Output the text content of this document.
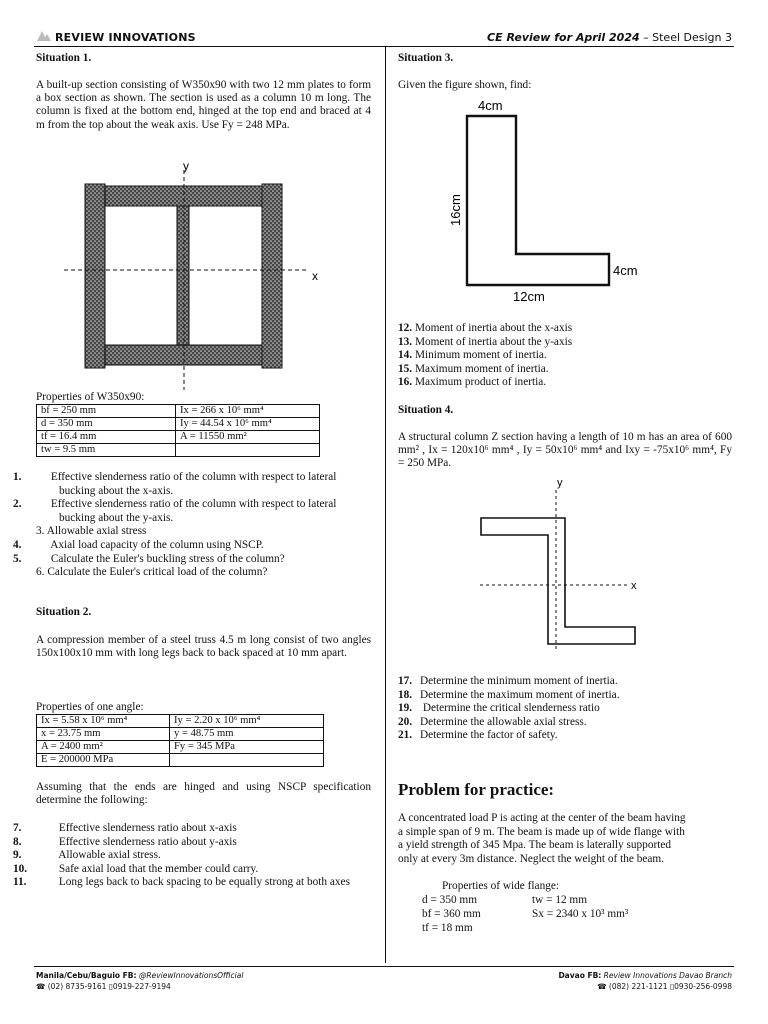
REVIEW INNOVATIONS	CE Review for April 2024 – Steel Design 3
Situation 1.
A built-up section consisting of W350x90 with two 12 mm plates to form a box section as shown. The section is used as a column 10 m long. The column is fixed at the bottom end, hinged at the top end and braced at 4 m from the top about the weak axis. Use Fy = 248 MPa.
y
x
Properties of W350x90:
bf = 250 mm	Ix = 266 x 10⁶ mm⁴
d = 350 mm	Iy = 44.54 x 10⁶ mm⁴
tf = 16.4 mm	A = 11550 mm²
tw = 9.5 mm	
1.	Effective slenderness ratio of the column with respect to lateral bucking about the x-axis.
2.	Effective slenderness ratio of the column with respect to lateral bucking about the y-axis.
3. Allowable axial stress
4.	Axial load capacity of the column using NSCP.
5.	Calculate the Euler's buckling stress of the column?
6. Calculate the Euler's critical load of the column?
Situation 2.
A compression member of a steel truss 4.5 m long consist of two angles 150x100x10 mm with long legs back to back spaced at 10 mm apart.
Properties of one angle:
Ix = 5.58 x 10⁶ mm⁴	Iy = 2.20 x 10⁶ mm⁴
x = 23.75 mm	y = 48.75 mm
A = 2400 mm²	Fy = 345 MPa
E = 200000 MPa	
Assuming that the ends are hinged and using NSCP specification determine the following:
7.	Effective slenderness ratio about x-axis
8.	Effective slenderness ratio about y-axis
9.	Allowable axial stress.
10.	Safe axial load that the member could carry.
11.	Long legs back to back spacing to be equally strong at both axes
Situation 3.
Given the figure shown, find:
4cm
4cm
12cm
16cm
12. Moment of inertia about the x-axis
13. Moment of inertia about the y-axis
14. Minimum moment of inertia.
15. Maximum moment of inertia.
16. Maximum product of inertia.
Situation 4.
A structural column Z section having a length of 10 m has an area of 600 mm² , Ix = 120x10⁶ mm⁴ , Iy = 50x10⁶ mm⁴ and Ixy = -75x10⁶ mm⁴, Fy = 250 MPa.
y
x
17. Determine the minimum moment of inertia.
18. Determine the maximum moment of inertia.
19. Determine the critical slenderness ratio
20. Determine the allowable axial stress.
21. Determine the factor of safety.
Problem for practice:
A concentrated load P is acting at the center of the beam having a simple span of 9 m. The beam is made up of wide flange with a yield strength of 345 Mpa. The beam is laterally supported only at every 3m distance. Neglect the weight of the beam.
Properties of wide flange:
d = 350 mm	tw = 12 mm
bf = 360 mm	Sx = 2340 x 10³ mm³
tf = 18 mm
Manila/Cebu/Baguio FB: @ReviewInnovationsOfficial
☎ (02) 8735-9161 ▯0919-227-9194
Davao FB: Review Innovations Davao Branch
☎ (082) 221-1121 ▯0930-256-0998
